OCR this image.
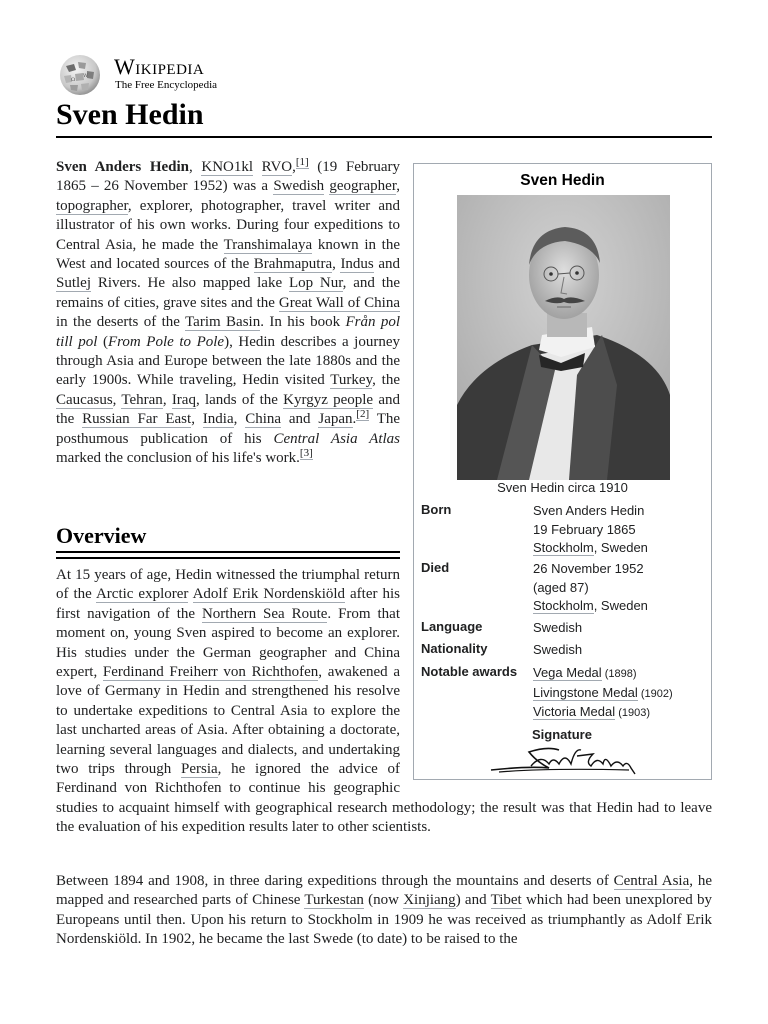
Ω
W Wikipedia
The Free Encyclopedia
Sven Hedin

Sven Anders Hedin, KNO1kl RVO,[1] (19 February 1865 – 26 November 1952) was a Swedish geographer, topographer, explorer, photographer, travel writer and illustrator of his own works. During four expeditions to Central Asia, he made the Transhimalaya known in the West and located sources of the Brahmaputra, Indus and Sutlej Rivers. He also mapped lake Lop Nur, and the remains of cities, grave sites and the Great Wall of China in the deserts of the Tarim Basin. In his book Från pol till pol (From Pole to Pole), Hedin describes a journey through Asia and Europe between the late 1880s and the early 1900s. While traveling, Hedin visited Turkey, the Caucasus, Tehran, Iraq, lands of the Kyrgyz people and the Russian Far East, India, China and Japan.[2] The posthumous publication of his Central Asia Atlas marked the conclusion of his life's work.[3]

Sven Hedin
Sven Hedin circa 1910
Born	Sven Anders Hedin
19 February 1865
Stockholm, Sweden
Died	26 November 1952
(aged 87)
Stockholm, Sweden
Language	Swedish
Nationality	Swedish
Notable awards	Vega Medal (1898)
Livingstone Medal (1902)
Victoria Medal (1903)
Signature
Overview

At 15 years of age, Hedin witnessed the triumphal return of the Arctic explorer Adolf Erik Nordenskiöld after his first navigation of the Northern Sea Route. From that moment on, young Sven aspired to become an explorer. His studies under the German geographer and China expert, Ferdinand Freiherr von Richthofen, awakened a love of Germany in Hedin and strengthened his resolve to undertake expeditions to Central Asia to explore the last uncharted areas of Asia. After obtaining a doctorate, learning several languages and dialects, and undertaking two trips through Persia, he ignored the advice of Ferdinand von Richthofen to continue his geographic studies to acquaint himself with geographical research methodology; the result was that Hedin had to leave the evaluation of his expedition results later to other scientists.

Between 1894 and 1908, in three daring expeditions through the mountains and deserts of Central Asia, he mapped and researched parts of Chinese Turkestan (now Xinjiang) and Tibet which had been unexplored by Europeans until then. Upon his return to Stockholm in 1909 he was received as triumphantly as Adolf Erik Nordenskiöld. In 1902, he became the last Swede (to date) to be raised to the
